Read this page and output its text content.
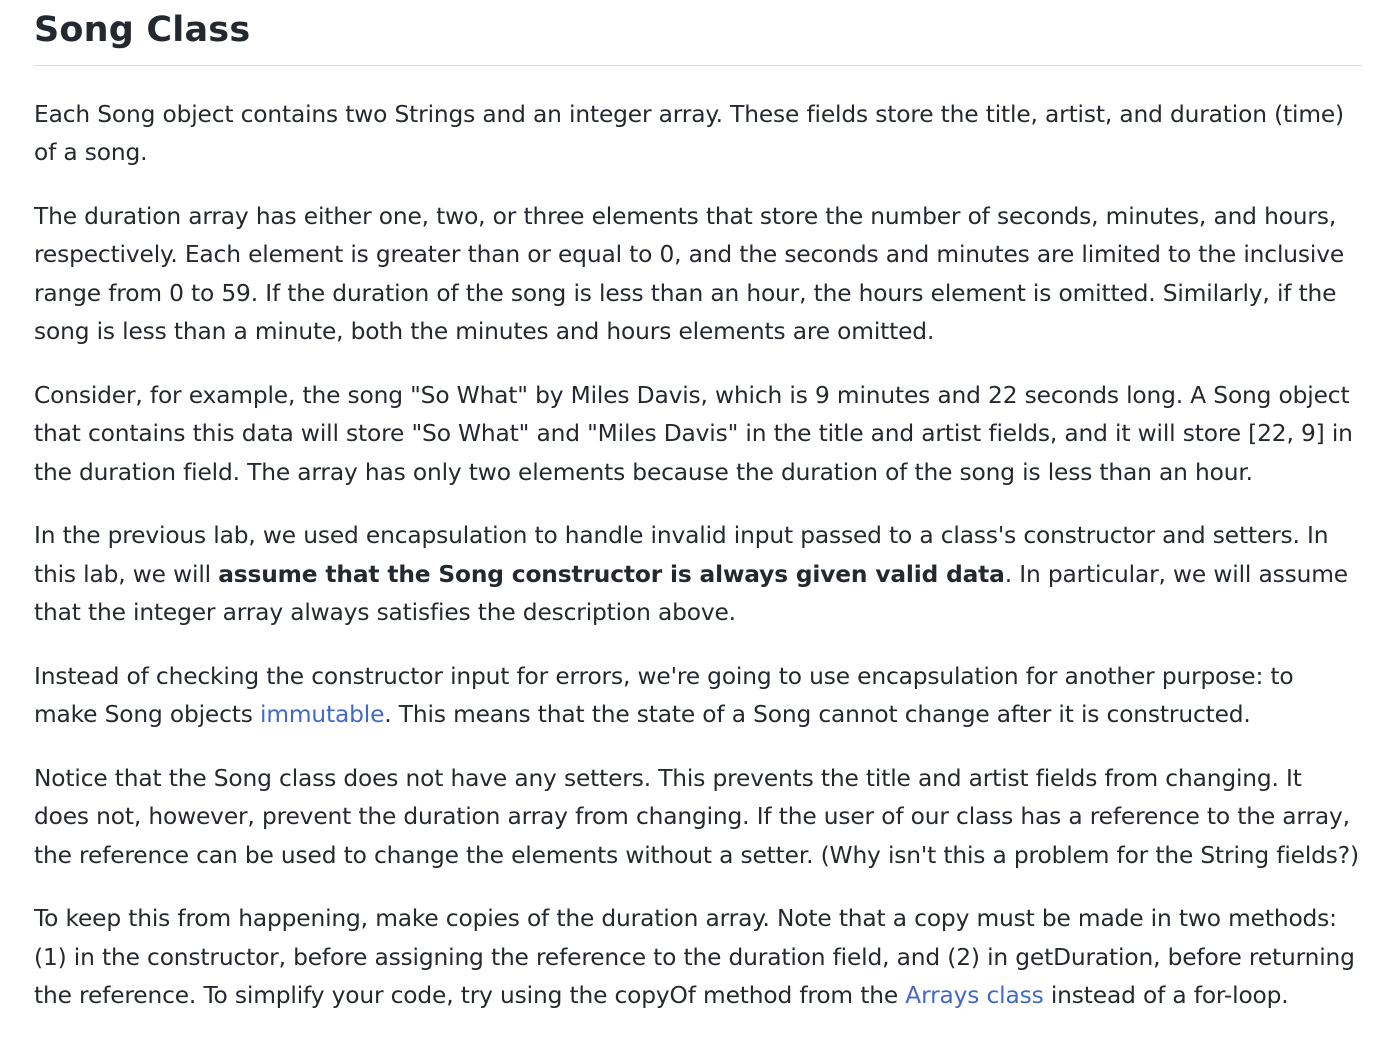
Song Class

Each Song object contains two Strings and an integer array. These fields store the title, artist, and duration (time) of a song.

The duration array has either one, two, or three elements that store the number of seconds, minutes, and hours, respectively. Each element is greater than or equal to 0, and the seconds and minutes are limited to the inclusive range from 0 to 59. If the duration of the song is less than an hour, the hours element is omitted. Similarly, if the song is less than a minute, both the minutes and hours elements are omitted.

Consider, for example, the song "So What" by Miles Davis, which is 9 minutes and 22 seconds long. A Song object that contains this data will store "So What" and "Miles Davis" in the title and artist fields, and it will store [22, 9] in the duration field. The array has only two elements because the duration of the song is less than an hour.

In the previous lab, we used encapsulation to handle invalid input passed to a class's constructor and setters. In this lab, we will assume that the Song constructor is always given valid data. In particular, we will assume that the integer array always satisfies the description above.

Instead of checking the constructor input for errors, we're going to use encapsulation for another purpose: to make Song objects immutable. This means that the state of a Song cannot change after it is constructed.

Notice that the Song class does not have any setters. This prevents the title and artist fields from changing. It does not, however, prevent the duration array from changing. If the user of our class has a reference to the array, the reference can be used to change the elements without a setter. (Why isn't this a problem for the String fields?)

To keep this from happening, make copies of the duration array. Note that a copy must be made in two methods: (1) in the constructor, before assigning the reference to the duration field, and (2) in getDuration, before returning the reference. To simplify your code, try using the copyOf method from the Arrays class instead of a for-loop.
